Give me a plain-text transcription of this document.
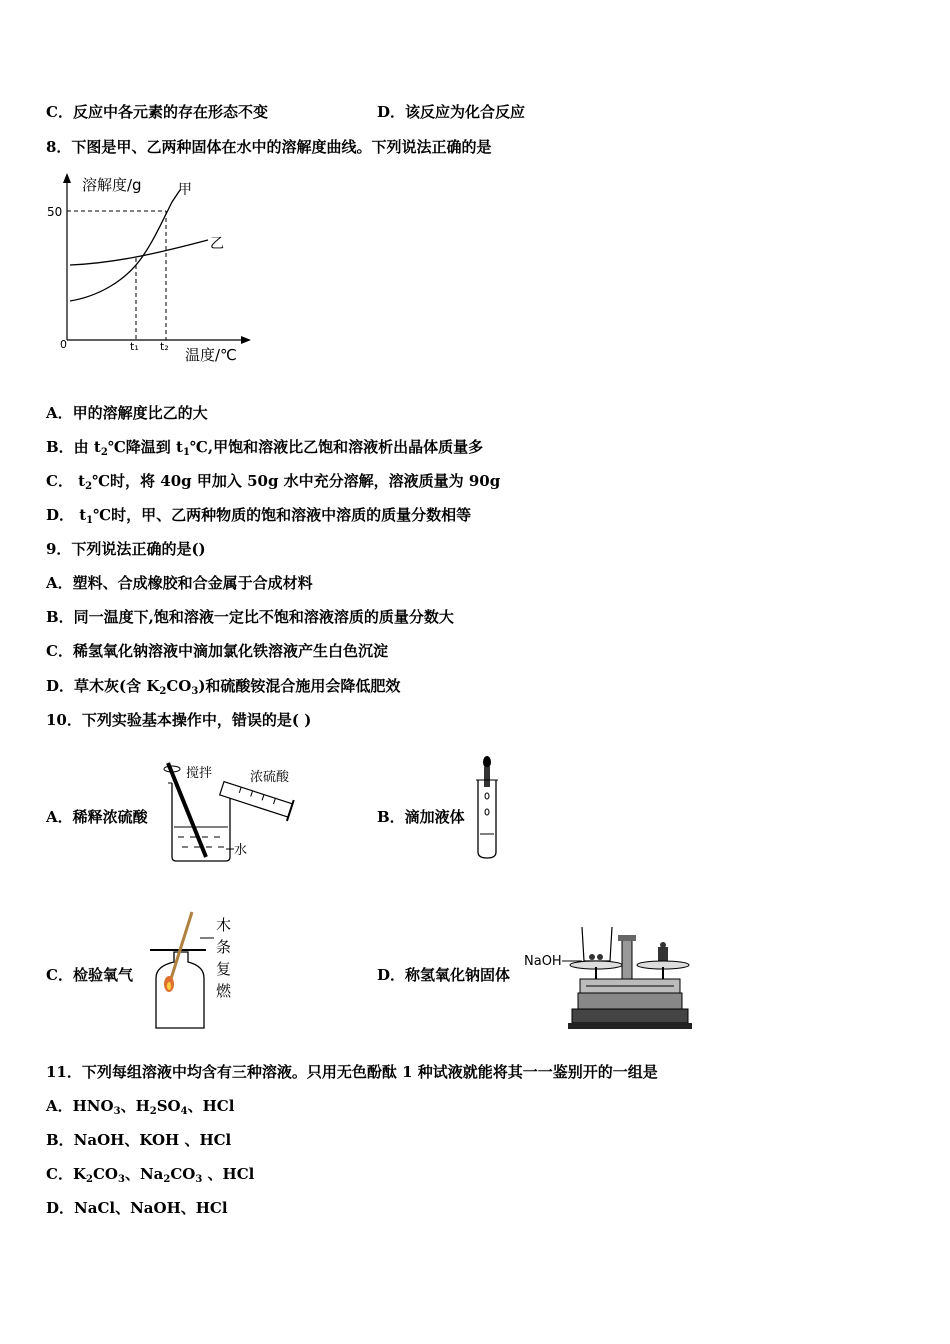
C．反应中各元素的存在形态不变	D．该反应为化合反应
8．下图是甲、乙两种固体在水中的溶解度曲线。下列说法正确的是
溶解度/g
50
0	t₁ t₂ 温度/℃
甲
乙
A．甲的溶解度比乙的大
B．由 $t_2℃$降温到 $t_1℃$,甲饱和溶液比乙饱和溶液析出晶体质量多
C． $t_2℃$时，将 40g 甲加入 50g 水中充分溶解，溶液质量为 90g
D． $t_1℃$时，甲、乙两种物质的饱和溶液中溶质的质量分数相等
9．下列说法正确的是()
A．塑料、合成橡胶和合金属于合成材料
B．同一温度下,饱和溶液一定比不饱和溶液溶质的质量分数大
C．稀氢氧化钠溶液中滴加氯化铁溶液产生白色沉淀
D．草木灰(含 $K_2CO_3$)和硫酸铵混合施用会降低肥效
10．下列实验基本操作中，错误的是( )
A．稀释浓硫酸
搅拌	浓硫酸
水
B．滴加液体
C．检验氧气
木
条
复
燃
D．称氢氧化钠固体
NaOH
11．下列每组溶液中均含有三种溶液。只用无色酚酞 1 种试液就能将其一一鉴别开的一组是
A．$HNO_3$、$H_2SO_4$、HCl
B．NaOH、KOH 、HCl
C．$K_2CO_3$、$Na_2CO_3$ 、HCl
D．NaCl、NaOH、HCl
